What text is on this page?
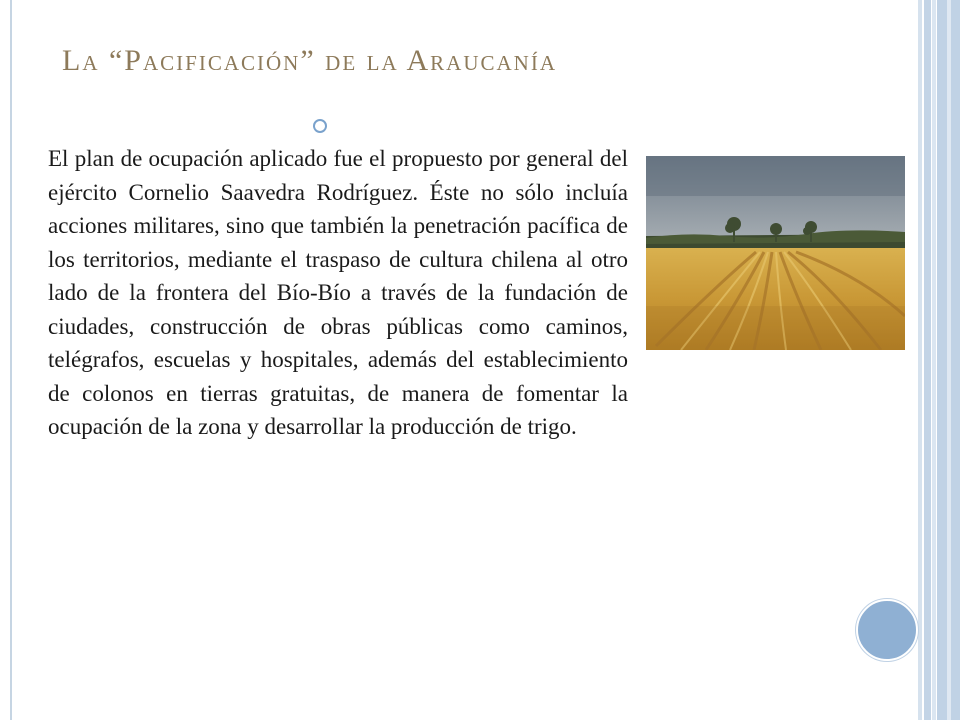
La “Pacificación” de la Araucanía

El plan de ocupación aplicado fue el propuesto por general del ejército Cornelio Saavedra Rodríguez. Éste no sólo incluía acciones militares, sino que también la penetración pacífica de los territorios, mediante el traspaso de cultura chilena al otro lado de la frontera del Bío-Bío a través de la fundación de ciudades, construcción de obras públicas como caminos, telégrafos, escuelas y hospitales, además del establecimiento de colonos en tierras gratuitas, de manera de fomentar la ocupación de la zona y desarrollar la producción de trigo.
